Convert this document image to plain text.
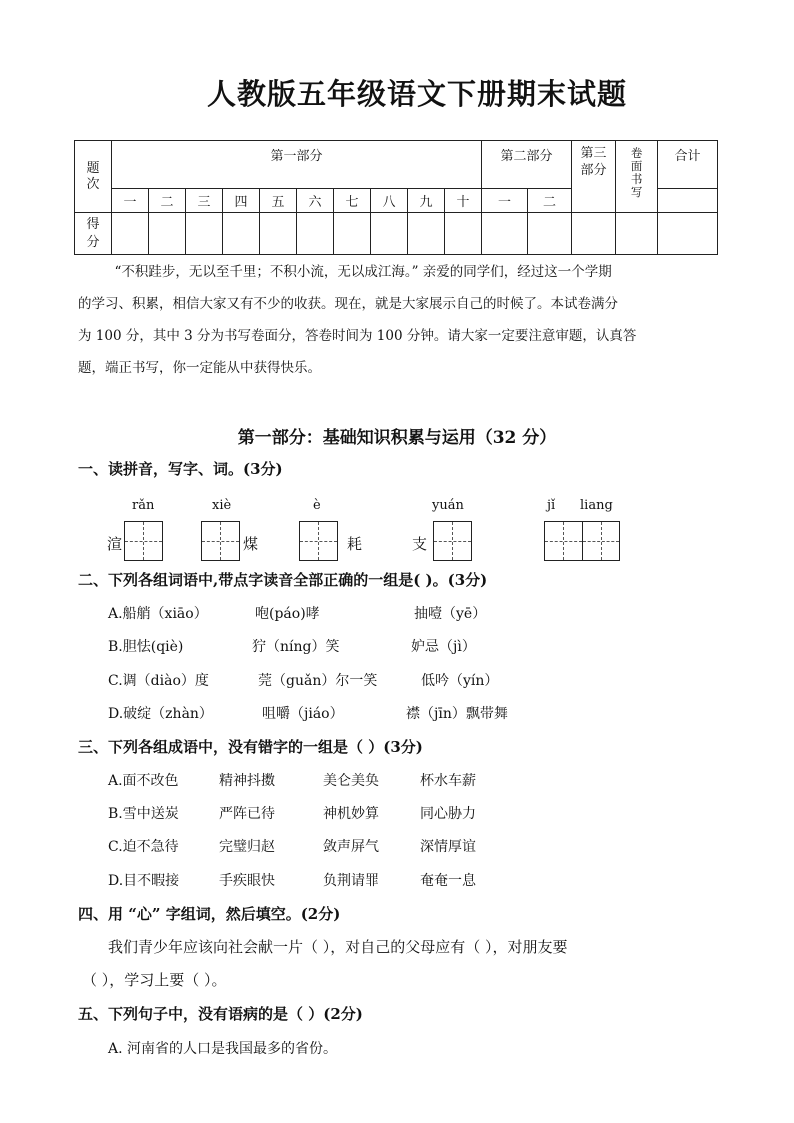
人教版五年级语文下册期末试题
题次	第一部分										第二部分		第三部分	卷面书写	合计
	一	二	三	四	五	六	七	八	九	十	一	二			

得分															

“不积跬步，无以至千里；不积小流，无以成江海。” 亲爱的同学们，经过这一个学期
的学习、积累，相信大家又有不少的收获。现在，就是大家展示自己的时候了。本试卷满分
为 100 分，其中 3 分为书写卷面分，答卷时间为 100 分钟。请大家一定要注意审题，认真答
题，端正书写，你一定能从中获得快乐。
第一部分：基础知识积累与运用（32 分）
一、读拼音，写字、词。(3分)
rǎn	xiè	è	yuán	jǐ liang
渲	煤	耗	支
二、下列各组词语中,带点字读音全部正确的一组是( )。(3分)
A.船艄（xiāo）	咆(páo)哮	抽噎（yē）
B.胆怯(qiè)	狞（níng）笑	妒忌（jì）
C.调（diào）度	莞（guǎn）尔一笑	低吟（yín）
D.破绽（zhàn）	咀嚼（jiáo）	襟（jīn）飘带舞
三、下列各组成语中，没有错字的一组是（ ）(3分)
A.面不改色	精神抖擞	美仑美奂	杯水车薪
B.雪中送炭	严阵已待	神机妙算	同心胁力
C.迫不急待	完璧归赵	敛声屏气	深情厚谊
D.目不暇接	手疾眼快	负荆请罪	奄奄一息
四、用 “心” 字组词，然后填空。(2分)
我们青少年应该向社会献一片（ ），对自己的父母应有（ ），对朋友要
（ ），学习上要（ ）。
五、下列句子中，没有语病的是（ ）(2分)
A. 河南省的人口是我国最多的省份。
